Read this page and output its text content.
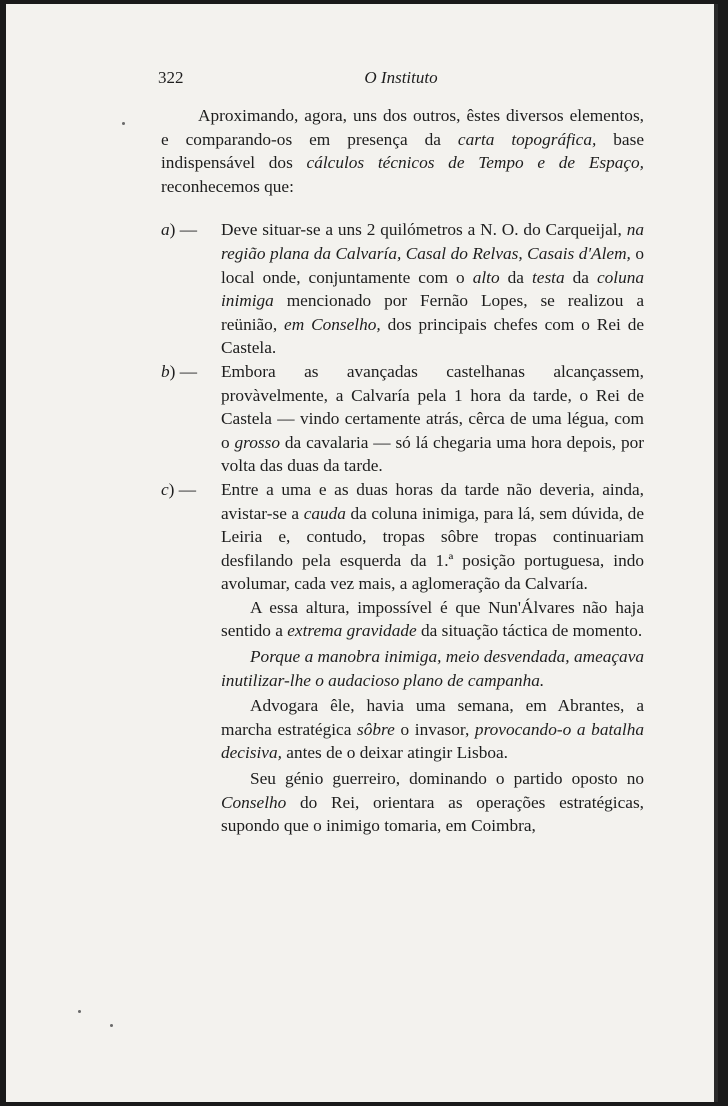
322	O Instituto

Aproximando, agora, uns dos outros, êstes diversos elementos, e comparando-os em presença da carta topográfica, base indispensável dos cálculos técnicos de Tempo e de Espaço, reconhecemos que:

a) —	Deve situar-se a uns 2 quilómetros a N. O. do Carqueijal, na região plana da Calvaría, Casal do Relvas, Casais d'Alem, o local onde, conjuntamente com o alto da testa da coluna inimiga mencionado por Fernão Lopes, se realizou a reünião, em Conselho, dos principais chefes com o Rei de Castela.
b) —	Embora as avançadas castelhanas alcançassem, provàvelmente, a Calvaría pela 1 hora da tarde, o Rei de Castela — vindo certamente atrás, cêrca de uma légua, com o grosso da cavalaria — só lá chegaria uma hora depois, por volta das duas da tarde.
c) —	Entre a uma e as duas horas da tarde não deveria, ainda, avistar-se a cauda da coluna inimiga, para lá, sem dúvida, de Leiria e, contudo, tropas sôbre tropas continuariam desfilando pela esquerda da 1.ª posição portuguesa, indo avolumar, cada vez mais, a aglomeração da Calvaría.

A essa altura, impossível é que Nun'Álvares não haja sentido a extrema gravidade da situação táctica de momento.

Porque a manobra inimiga, meio desvendada, ameaçava inutilizar-lhe o audacioso plano de campanha.

Advogara êle, havia uma semana, em Abrantes, a marcha estratégica sôbre o invasor, provocando-o a batalha decisiva, antes de o deixar atingir Lisboa.

Seu génio guerreiro, dominando o partido oposto no Conselho do Rei, orientara as operações estratégicas, supondo que o inimigo tomaria, em Coimbra,
